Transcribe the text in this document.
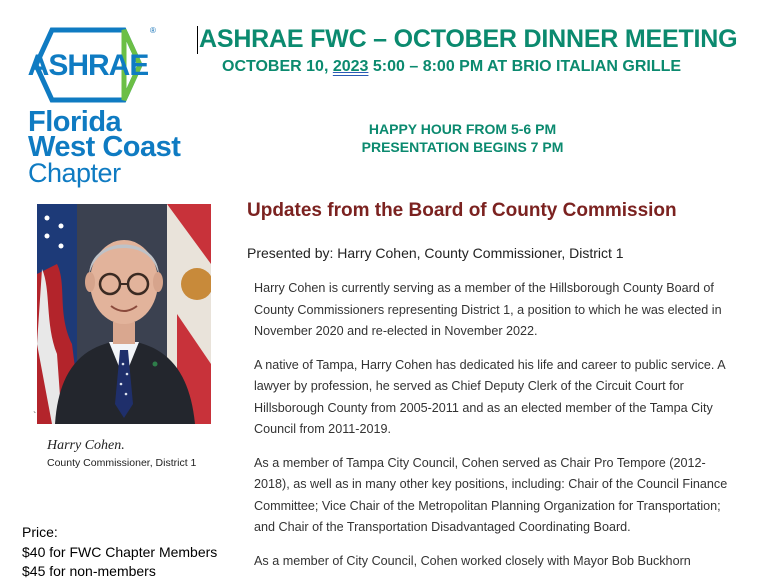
ASHRAE
®
Florida
West Coast
Chapter
ASHRAE FWC – OCTOBER DINNER MEETING
OCTOBER 10, 2023 5:00 – 8:00 PM AT BRIO ITALIAN GRILLE
HAPPY HOUR FROM 5-6 PM
PRESENTATION BEGINS 7 PM
`
Harry Cohen.
County Commissioner, District 1
Price:
$40 for FWC Chapter Members
$45 for non-members
Updates from the Board of County Commission
Presented by: Harry Cohen, County Commissioner, District 1

Harry Cohen is currently serving as a member of the Hillsborough County Board of County Commissioners representing District 1, a position to which he was elected in November 2020 and re-elected in November 2022.

A native of Tampa, Harry Cohen has dedicated his life and career to public service. A lawyer by profession, he served as Chief Deputy Clerk of the Circuit Court for Hillsborough County from 2005-2011 and as an elected member of the Tampa City Council from 2011-2019.

As a member of Tampa City Council, Cohen served as Chair Pro Tempore (2012-2018), as well as in many other key positions, including: Chair of the Council Finance Committee; Vice Chair of the Metropolitan Planning Organization for Transportation; and Chair of the Transportation Disadvantaged Coordinating Board.

As a member of City Council, Cohen worked closely with Mayor Bob Buckhorn
